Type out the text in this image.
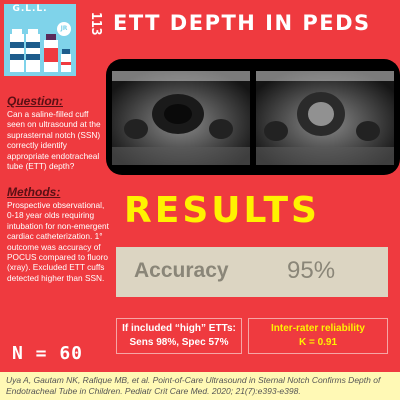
G.L.L.
JR 113 ETT DEPTH IN PEDS
Question:
Can a saline-filled cuff seen on ultrasound at the suprasternal notch (SSN) correctly identify appropriate endotracheal tube (ETT) depth?
Methods:
Prospective observational, 0-18 year olds requiring intubation for non-emergent cardiac catheterization. 1° outcome was accuracy of POCUS compared to fluoro (xray). Excluded ETT cuffs detected higher than SSN.
N = 60
RESULTS
Accuracy 95%
If included “high” ETTs:
Sens 98%, Spec 57%
Inter-rater reliability
K = 0.91
Uya A, Gautam NK, Rafique MB, et al. Point-of-Care Ultrasound in Sternal Notch Confirms Depth of Endotracheal Tube in Children. Pediatr Crit Care Med. 2020; 21(7):e393-e398.
